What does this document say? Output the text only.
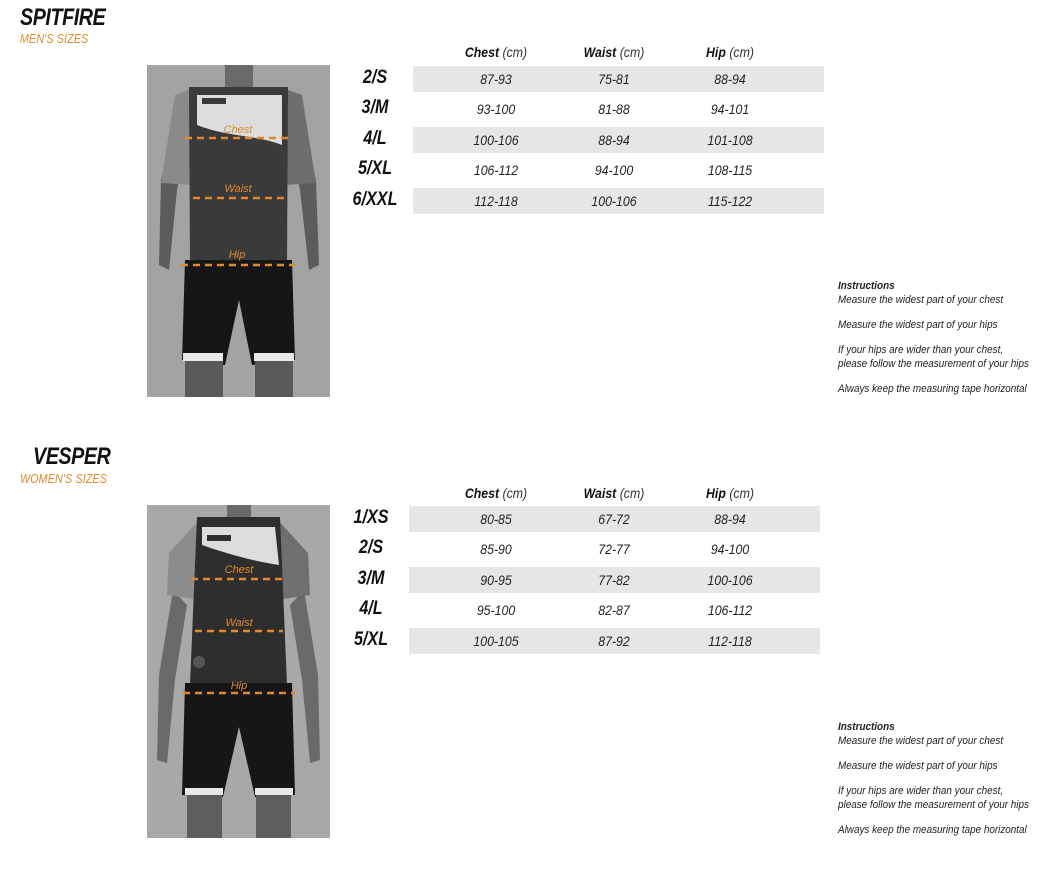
SPITFIRE
MEN'S SIZES
Chest
Waist
Hip
Chest (cm)	Waist (cm)	Hip (cm)
2/S	87-93	75-81	88-94
3/M	93-100	81-88	94-101
4/L	100-106	88-94	101-108
5/XL	106-112	94-100	108-115
6/XXL	112-118	100-106	115-122
Instructions
Measure the widest part of your chest
Measure the widest part of your hips
If your hips are wider than your chest,
please follow the measurement of your hips
Always keep the measuring tape horizontal
VESPER
WOMEN'S SIZES
Chest
Waist
Hip
Chest (cm)	Waist (cm)	Hip (cm)
1/XS	80-85	67-72	88-94
2/S	85-90	72-77	94-100
3/M	90-95	77-82	100-106
4/L	95-100	82-87	106-112
5/XL	100-105	87-92	112-118
Instructions
Measure the widest part of your chest
Measure the widest part of your hips
If your hips are wider than your chest,
please follow the measurement of your hips
Always keep the measuring tape horizontal
